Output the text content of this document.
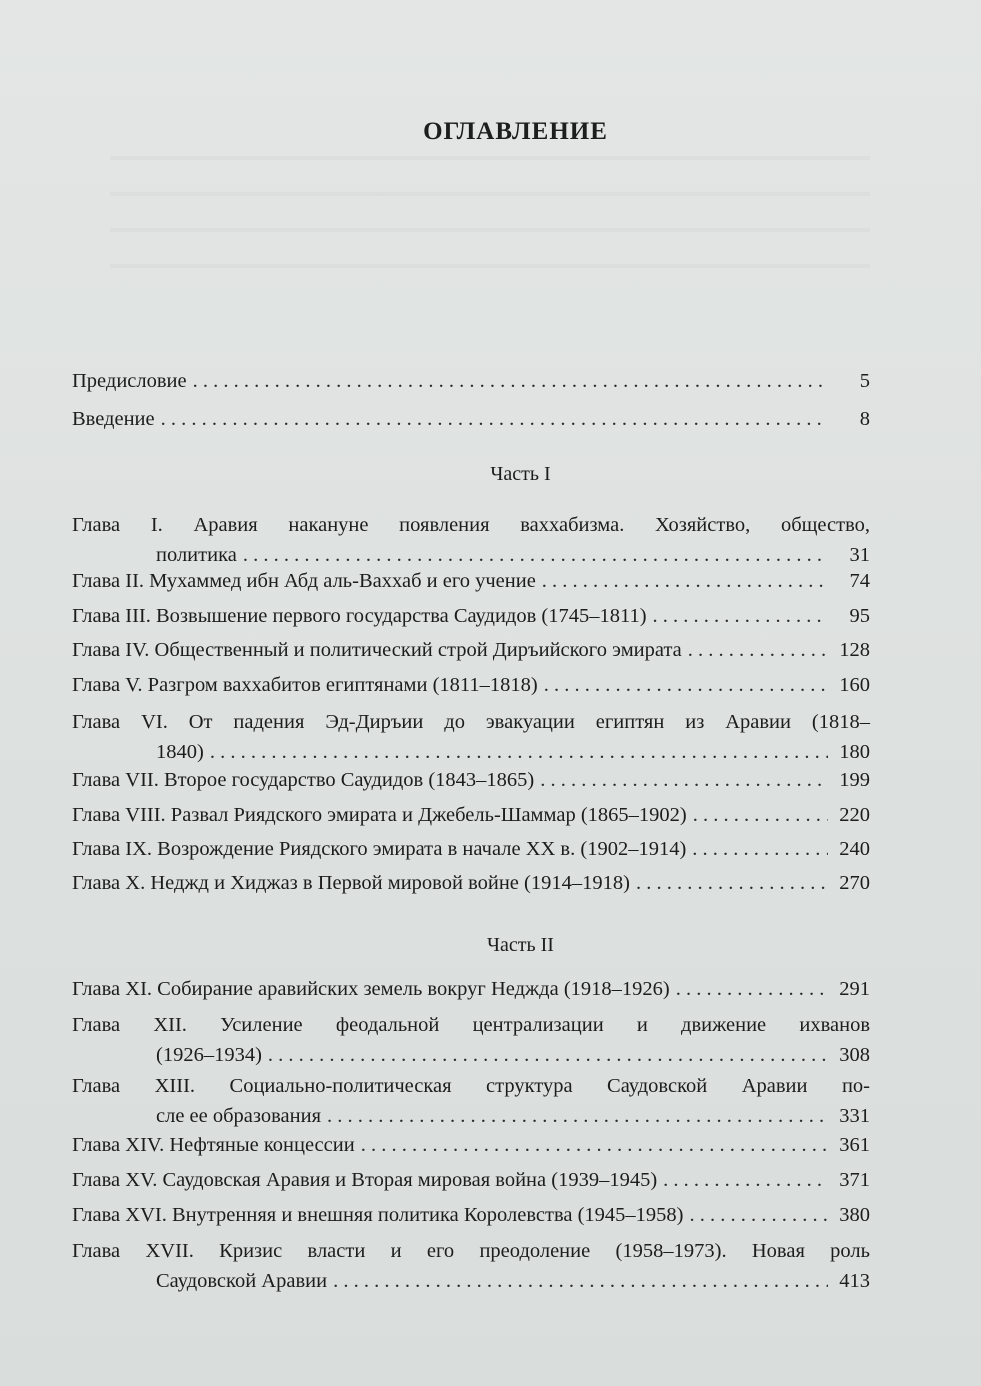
ОГЛАВЛЕНИЕ
Предисловие . . .	5
Введение . . .	8
Часть I
Глава I. Аравия накануне появления ваххабизма. Хозяйство, общество,
политика . . .	31
Глава II. Мухаммед ибн Абд аль-Ваххаб и его учение . . .	74
Глава III. Возвышение первого государства Саудидов (1745–1811) . . .	95
Глава IV. Общественный и политический строй Диръийского эмирата . . .	128
Глава V. Разгром ваххабитов египтянами (1811–1818) . . .	160
Глава VI. От падения Эд-Диръии до эвакуации египтян из Аравии (1818–
1840) . . .	180
Глава VII. Второе государство Саудидов (1843–1865) . . .	199
Глава VIII. Развал Риядского эмирата и Джебель-Шаммар (1865–1902) . . .	220
Глава IX. Возрождение Риядского эмирата в начале XX в. (1902–1914) . . .	240
Глава X. Неджд и Хиджаз в Первой мировой войне (1914–1918) . . .	270
Часть II
Глава XI. Собирание аравийских земель вокруг Неджда (1918–1926) . . .	291
Глава XII. Усиление феодальной централизации и движение ихванов
(1926–1934) . . .	308
Глава XIII. Социально-политическая структура Саудовской Аравии по-
сле ее образования . . .	331
Глава XIV. Нефтяные концессии . . .	361
Глава XV. Саудовская Аравия и Вторая мировая война (1939–1945) . . .	371
Глава XVI. Внутренняя и внешняя политика Королевства (1945–1958) . . .	380
Глава XVII. Кризис власти и его преодоление (1958–1973). Новая роль
Саудовской Аравии . . .	413
